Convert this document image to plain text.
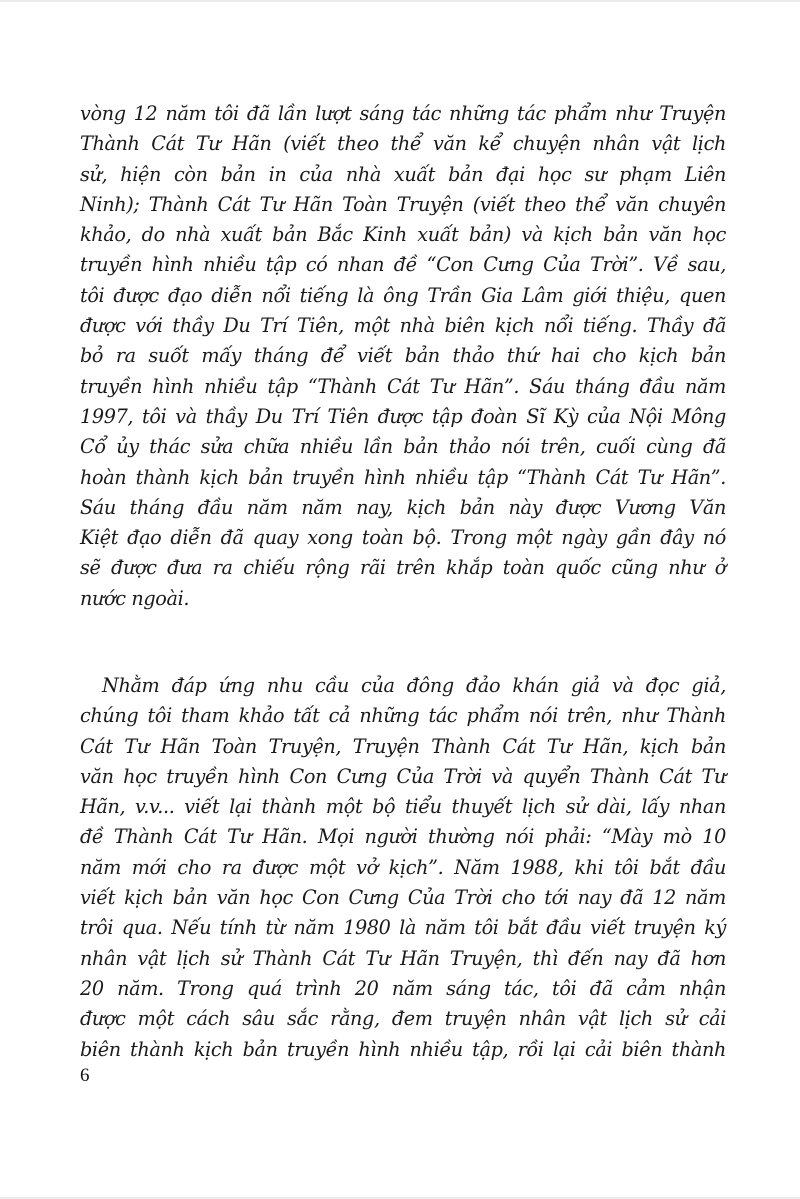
vòng 12 năm tôi đã lần lượt sáng tác những tác phẩm như Truyện
Thành Cát Tư Hãn (viết theo thể văn kể chuyện nhân vật lịch
sử, hiện còn bản in của nhà xuất bản đại học sư phạm Liên
Ninh); Thành Cát Tư Hãn Toàn Truyện (viết theo thể văn chuyên
khảo, do nhà xuất bản Bắc Kinh xuất bản) và kịch bản văn học
truyền hình nhiều tập có nhan đề “Con Cưng Của Trời”. Về sau,
tôi được đạo diễn nổi tiếng là ông Trần Gia Lâm giới thiệu, quen
được với thầy Du Trí Tiên, một nhà biên kịch nổi tiếng. Thầy đã
bỏ ra suốt mấy tháng để viết bản thảo thứ hai cho kịch bản
truyền hình nhiều tập “Thành Cát Tư Hãn”. Sáu tháng đầu năm
1997, tôi và thầy Du Trí Tiên được tập đoàn Sĩ Kỳ của Nội Mông
Cổ ủy thác sửa chữa nhiều lần bản thảo nói trên, cuối cùng đã
hoàn thành kịch bản truyền hình nhiều tập “Thành Cát Tư Hãn”.
Sáu tháng đầu năm năm nay, kịch bản này được Vương Văn
Kiệt đạo diễn đã quay xong toàn bộ. Trong một ngày gần đây nó
sẽ được đưa ra chiếu rộng rãi trên khắp toàn quốc cũng như ở
nước ngoài.
Nhằm đáp ứng nhu cầu của đông đảo khán giả và đọc giả,
chúng tôi tham khảo tất cả những tác phẩm nói trên, như Thành
Cát Tư Hãn Toàn Truyện, Truyện Thành Cát Tư Hãn, kịch bản
văn học truyền hình Con Cưng Của Trời và quyển Thành Cát Tư
Hãn, v.v... viết lại thành một bộ tiểu thuyết lịch sử dài, lấy nhan
đề Thành Cát Tư Hãn. Mọi người thường nói phải: “Mày mò 10
năm mới cho ra được một vở kịch”. Năm 1988, khi tôi bắt đầu
viết kịch bản văn học Con Cưng Của Trời cho tới nay đã 12 năm
trôi qua. Nếu tính từ năm 1980 là năm tôi bắt đầu viết truyện ký
nhân vật lịch sử Thành Cát Tư Hãn Truyện, thì đến nay đã hơn
20 năm. Trong quá trình 20 năm sáng tác, tôi đã cảm nhận
được một cách sâu sắc rằng, đem truyện nhân vật lịch sử cải
biên thành kịch bản truyền hình nhiều tập, rồi lại cải biên thành
6
